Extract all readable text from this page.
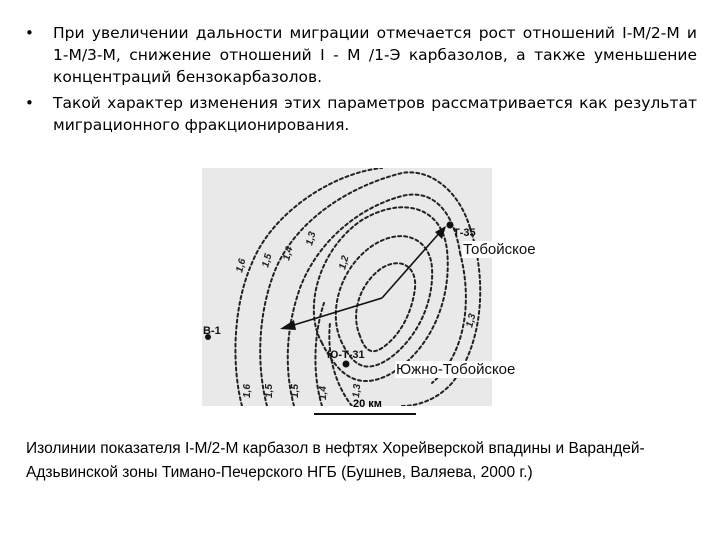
• При увеличении дальности миграции отмечается рост отношений I-M/2-M и 1-М/3-М, снижение отношений I - M /1-Э карбазолов, а также уменьшение концентраций бензокарбазолов.
• Такой характер изменения этих параметров рассматривается как результат миграционного фракционирования.
Т-35
Ю-Т-31
В-1
1,6 1,5 1,4
1,3
1,2
1,3
1,6 1,5 1,5 1,4 1,3
Тобойское
Южно-Тобойское
20 км
Изолинии показателя I-M/2-M карбазол в нефтях Хорейверской впадины и Варандей-Адзьвинской зоны Тимано-Печерского НГБ (Бушнев, Валяева, 2000 г.)
